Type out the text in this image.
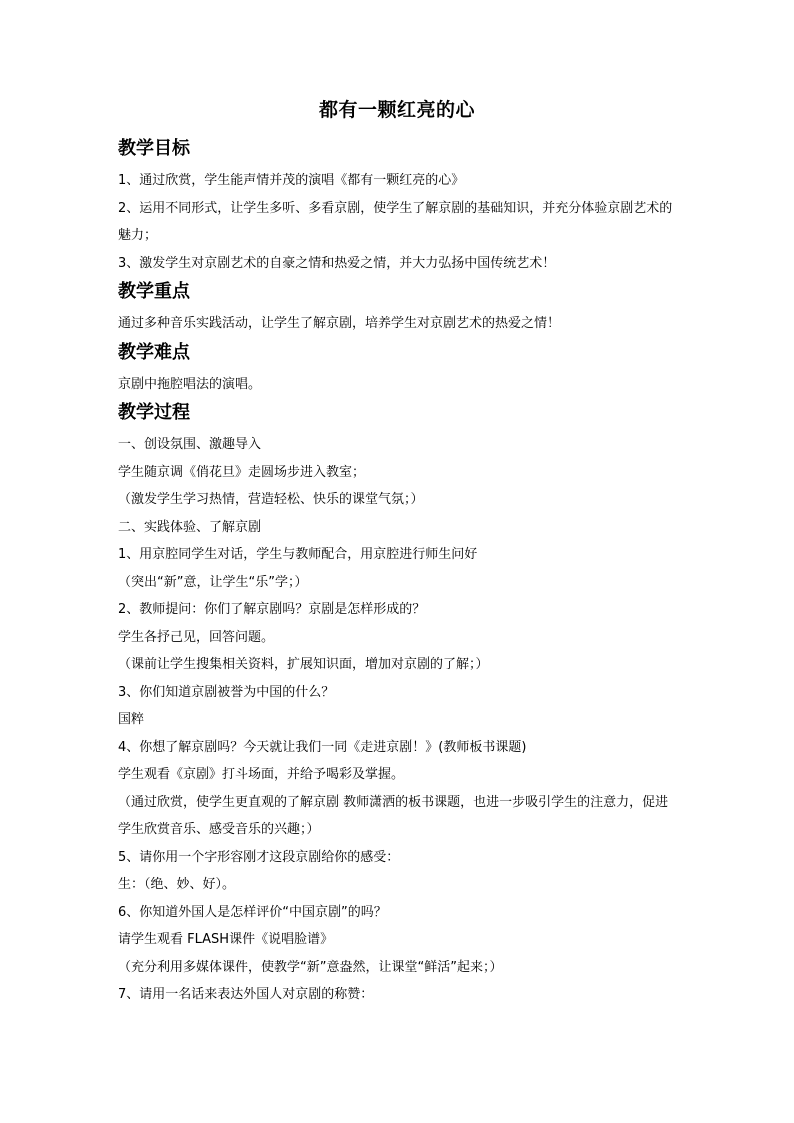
都有一颗红亮的心
教学目标
1、通过欣赏，学生能声情并茂的演唱《都有一颗红亮的心》
2、运用不同形式，让学生多听、多看京剧，使学生了解京剧的基础知识，并充分体验京剧艺术的魅力；
3、激发学生对京剧艺术的自豪之情和热爱之情，并大力弘扬中国传统艺术！
教学重点
通过多种音乐实践活动，让学生了解京剧，培养学生对京剧艺术的热爱之情！
教学难点
京剧中拖腔唱法的演唱。
教学过程
一、创设氛围、激趣导入
学生随京调《俏花旦》走圆场步进入教室；
（激发学生学习热情，营造轻松、快乐的课堂气氛；）
二、实践体验、了解京剧
1、用京腔同学生对话，学生与教师配合，用京腔进行师生问好
（突出“新”意，让学生“乐”学；）
2、教师提问：你们了解京剧吗？京剧是怎样形成的？
学生各抒己见，回答问题。
（课前让学生搜集相关资料，扩展知识面，增加对京剧的了解；）
3、你们知道京剧被誉为中国的什么？
国粹
4、你想了解京剧吗？今天就让我们一同《走进京剧！》(教师板书课题)
学生观看《京剧》打斗场面，并给予喝彩及掌握。
（通过欣赏，使学生更直观的了解京剧 教师潇洒的板书课题，也进一步吸引学生的注意力，促进学生欣赏音乐、感受音乐的兴趣；）
5、请你用一个字形容刚才这段京剧给你的感受：
生：（绝、妙、好）。
6、你知道外国人是怎样评价“中国京剧”的吗？
请学生观看 FLASH课件《说唱脸谱》
（充分利用多媒体课件，使教学“新”意盎然，让课堂“鲜活”起来；）
7、请用一名话来表达外国人对京剧的称赞：
